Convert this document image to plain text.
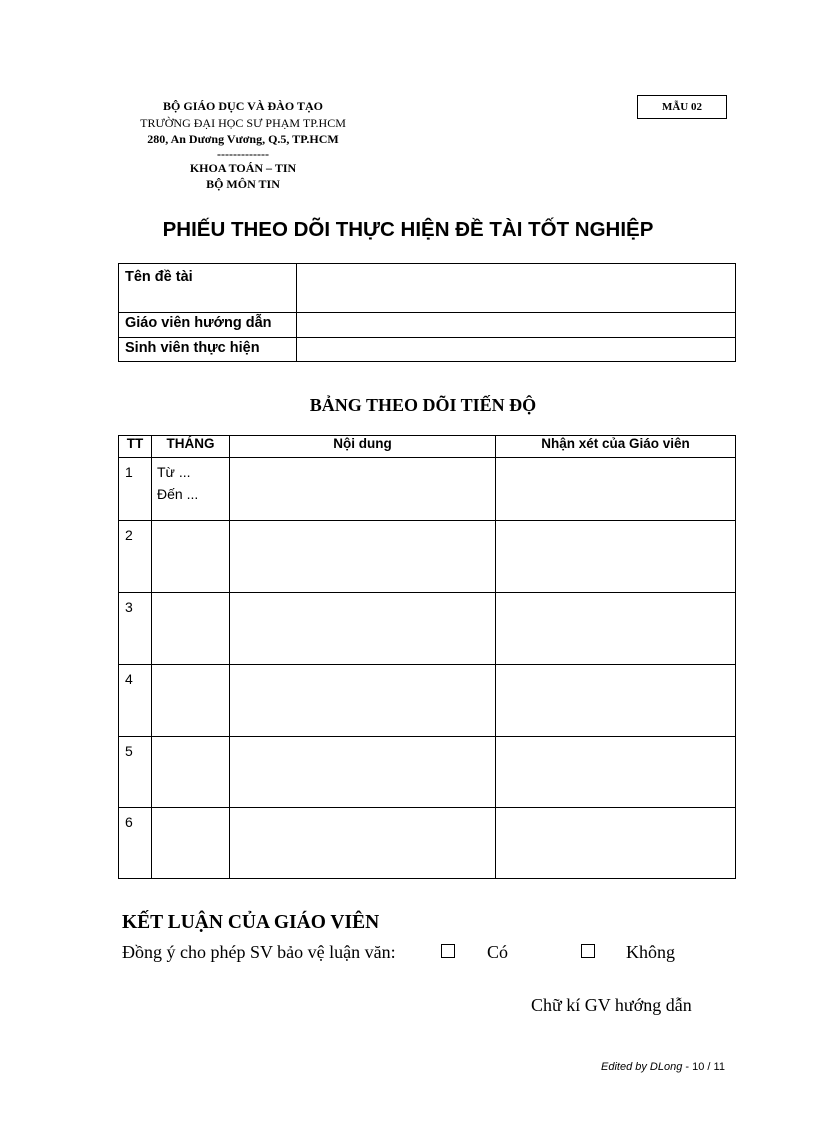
BỘ GIÁO DỤC VÀ ĐÀO TẠO
TRƯỜNG ĐẠI HỌC SƯ PHẠM TP.HCM
280, An Dương Vương, Q.5, TP.HCM
-------------
KHOA TOÁN – TIN
BỘ MÔN TIN
MẪU 02
PHIẾU THEO DÕI THỰC HIỆN ĐỀ TÀI TỐT NGHIỆP
Tên đề tài	
Giáo viên hướng dẫn	
Sinh viên thực hiện	
BẢNG THEO DÕI TIẾN ĐỘ
TT	THÁNG	Nội dung	Nhận xét của Giáo viên
1	Từ ...
Đến ...		

2			
3			
4			
5			
6			
KẾT LUẬN CỦA GIÁO VIÊN
Đồng ý cho phép SV bảo vệ luận văn:	Có	Không
Chữ kí GV hướng dẫn
Edited by DLong - 10 / 11
